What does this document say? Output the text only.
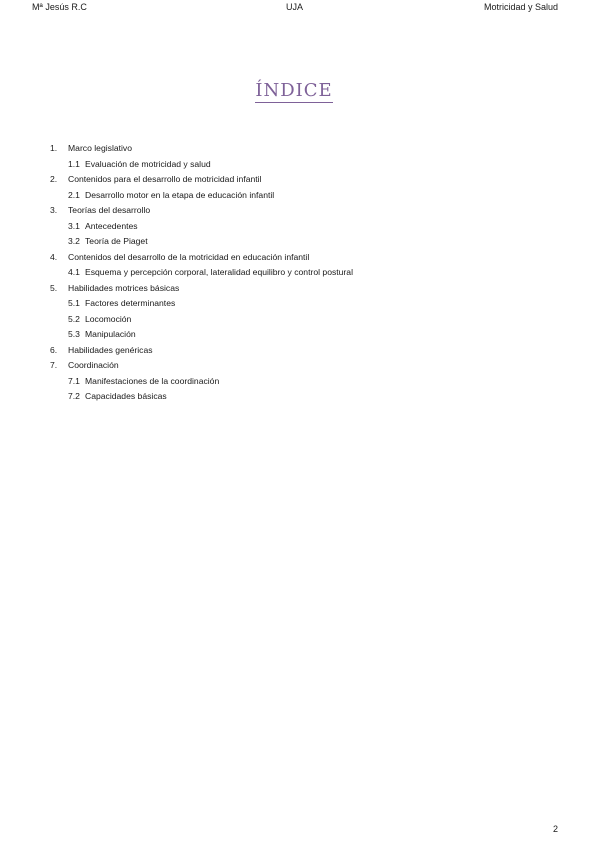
Mª Jesús R.C	UJA	Motricidad y Salud
ÍNDICE
1. Marco legislativo
1.1 Evaluación de motricidad y salud
2. Contenidos para el desarrollo de motricidad infantil
2.1 Desarrollo motor en la etapa de educación infantil
3. Teorías del desarrollo
3.1 Antecedentes
3.2 Teoría de Piaget
4. Contenidos del desarrollo de la motricidad en educación infantil
4.1 Esquema y percepción corporal, lateralidad equilibro y control postural
5. Habilidades motrices básicas
5.1 Factores determinantes
5.2 Locomoción
5.3 Manipulación
6. Habilidades genéricas
7. Coordinación
7.1 Manifestaciones de la coordinación
7.2 Capacidades básicas
2
